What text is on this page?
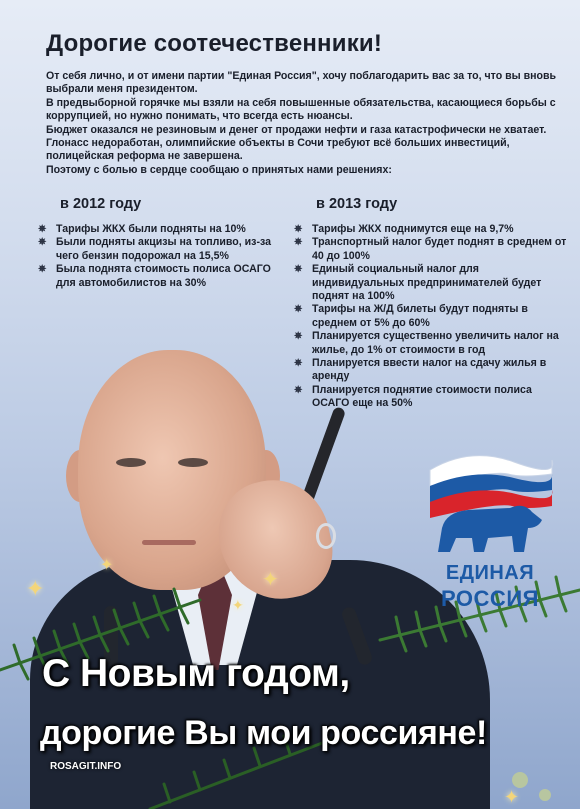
Дорогие соотечественники!

От себя лично, и от имени партии "Единая Россия", хочу поблагодарить вас за то, что вы вновь выбрали меня президентом.

В предвыборной горячке мы взяли на себя повышенные обязательства, касающиеся борьбы с коррупцией, но нужно понимать, что всегда есть нюансы.

Бюджет оказался не резиновым и денег от продажи нефти и газа катастрофически не хватает. Глонасс недоработан, олимпийские объекты в Сочи требуют всё больших инвестиций, полицейская реформа не завершена.

Поэтому с болью в сердце сообщаю о принятых нами решениях:

в 2012 году
✵ Тарифы ЖКХ были подняты на 10%
✵ Были подняты акцизы на топливо, из-за чего бензин подорожал на 15,5%
✵ Была поднята стоимость полиса ОСАГО для автомобилистов на 30%
в 2013 году
✵ Тарифы ЖКХ поднимутся еще на 9,7%
✵ Транспортный налог будет поднят в среднем от 40 до 100%
✵ Единый социальный налог для индивидуальных предпринимателей будет поднят на 100%
✵ Тарифы на Ж/Д билеты будут подняты в среднем от 5% до 60%
✵ Планируется существенно увеличить налог на жилье, до 1% от стоимости в год
✵ Планируется ввести налог на сдачу жилья в аренду
✵ Планируется поднятие стоимости полиса ОСАГО еще на 50%
✦
✦
✦
✦
✦
ЕДИНАЯ
РОССИЯ
С Новым годом,
дорогие Вы мои россияне!

ROSAGIT.INFO
